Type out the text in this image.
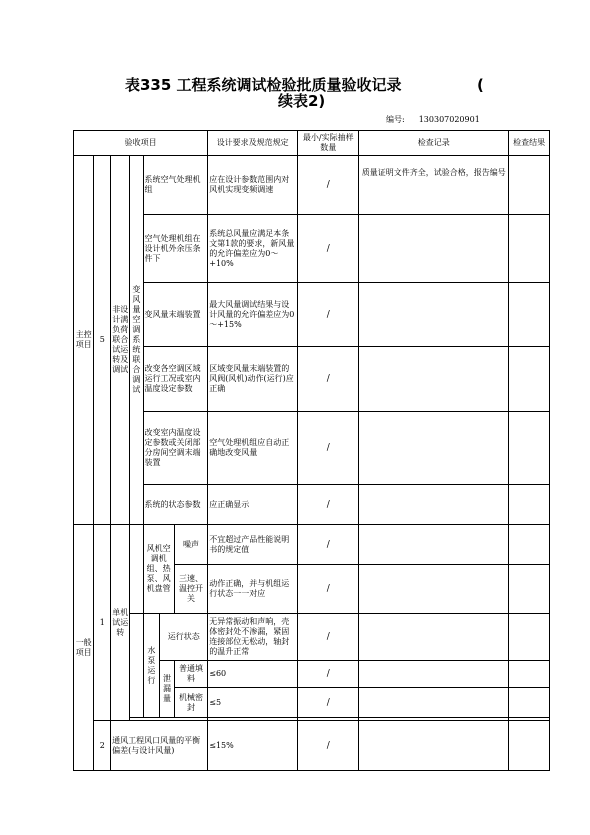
表335 工程系统调试检验批质量验收记录	(
续表2)
编号: 130307020901
验收项目							设计要求及规范规定	最小/实际抽样数量	检查记录	检查结果
主控项目	5	非设计满负荷联合试运转及调试	变风量空调系统联合调试	系统空气处理机组			应在设计参数范围内对风机实现变频调速	/	质量证明文件齐全，试验合格，报告编号	
				空气处理机组在设计机外余压条件下			系统总风量应满足本条文第1款的要求，新风量的允许偏差应为0～+10%	/		
				变风量末端装置			最大风量调试结果与设计风量的允许偏差应为0～+15%	/		
				改变各空调区域运行工况或室内温度设定参数			区域变风量末端装置的风阀(风机)动作(运行)应正确	/		
				改变室内温度设定参数或关闭部分房间空调末端装置			空气处理机组应自动正确地改变风量	/		
				系统的状态参数			应正确显示	/		
一般项目	1	单机试运转		风机空调机组、热泵、风机盘管		噪声	不宜超过产品性能说明书的规定值	/		
						三速、温控开关	动作正确，并与机组运行状态一一对应	/		
				水泵运行	运行状态		无异常振动和声响，壳体密封处不渗漏，紧固连接部位无松动，轴封的温升正常	/		
					泄漏量	普通填料	≤60	/		
						机械密封	≤5	/		

	2	通风工程风口风量的平衡偏差(与设计风量)					≤15%	/		
